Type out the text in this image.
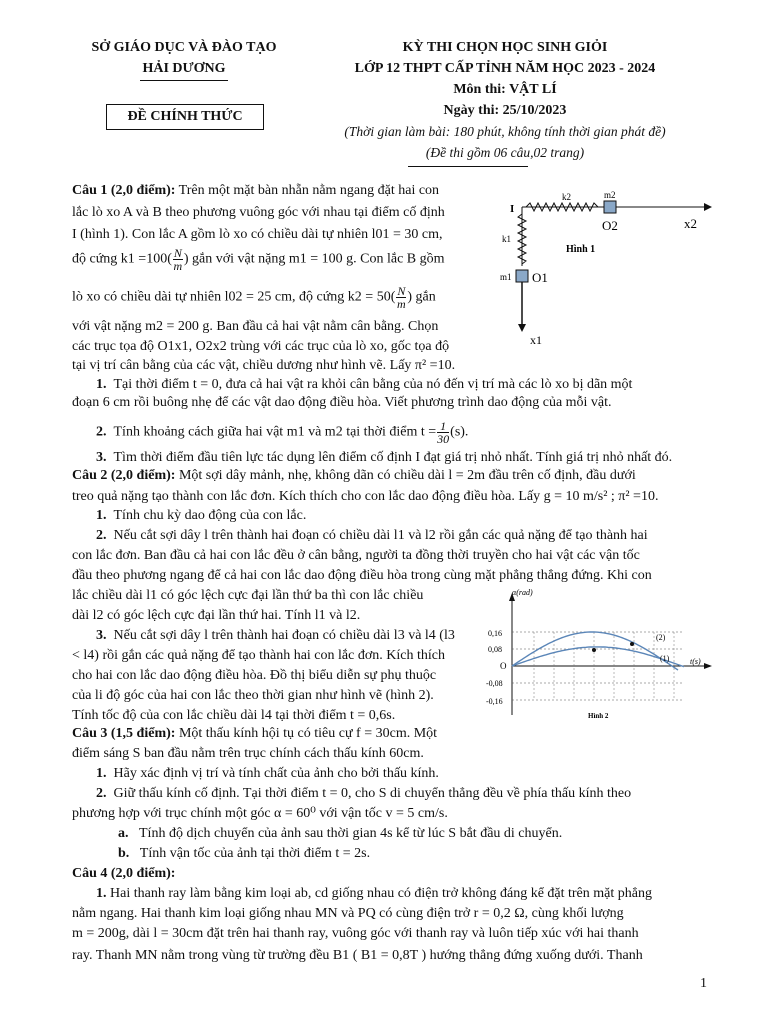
SỞ GIÁO DỤC VÀ ĐÀO TẠO
HẢI DƯƠNG
ĐỀ CHÍNH THỨC
KỲ THI CHỌN HỌC SINH GIỎI
LỚP 12 THPT CẤP TỈNH NĂM HỌC 2023 - 2024
Môn thi: VẬT LÍ
Ngày thi: 25/10/2023
(Thời gian làm bài: 180 phút, không tính thời gian phát đề)
(Đề thi gồm 06 câu,02 trang)
Câu 1 (2,0 điểm): Trên một mặt bàn nhẵn nằm ngang đặt hai con
lắc lò xo A và B theo phương vuông góc với nhau tại điểm cố định
I (hình 1). Con lắc A gồm lò xo có chiều dài tự nhiên l01 = 30 cm,
độ cứng $k1 =100( \frac{N}{m}$ ) gắn với vật nặng m1 = 100 g. Con lắc B gồm
lò xo có chiều dài tự nhiên l02 = 25 cm, độ cứng $k2 = 50( \frac{N}{m}$ ) gắn
với vật nặng m2 = 200 g. Ban đầu cả hai vật nằm cân bằng. Chọn
các trục tọa độ O1x1, O2x2 trùng với các trục của lò xo, gốc tọa độ
tại vị trí cân bằng của các vật, chiều dương như hình vẽ. Lấy π² =10.
1. Tại thời điểm t = 0, đưa cả hai vật ra khỏi cân bằng của nó đến vị trí mà các lò xo bị dãn một
đoạn 6 cm rồi buông nhẹ để các vật dao động điều hòa. Viết phương trình dao động của mỗi vật.
2. Tính khoảng cách giữa hai vật m1 và m2 tại thời điểm $t = \frac{1}{30} (s)$.
3. Tìm thời điểm đầu tiên lực tác dụng lên điểm cố định I đạt giá trị nhỏ nhất. Tính giá trị nhỏ nhất đó.
I
k2	m2
O2	x2
k1
m1 O1
x1
Hình 1
Câu 2 (2,0 điểm): Một sợi dây mảnh, nhẹ, không dãn có chiều dài l = 2m đầu trên cố định, đầu dưới
treo quả nặng tạo thành con lắc đơn. Kích thích cho con lắc dao động điều hòa. Lấy g = 10 m/s² ; π² =10.
1. Tính chu kỳ dao động của con lắc.
2. Nếu cắt sợi dây l trên thành hai đoạn có chiều dài l1 và l2 rồi gắn các quả nặng để tạo thành hai
con lắc đơn. Ban đầu cả hai con lắc đều ở cân bằng, người ta đồng thời truyền cho hai vật các vận tốc
đầu theo phương ngang để cả hai con lắc dao động điều hòa trong cùng mặt phẳng thẳng đứng. Khi con
lắc chiều dài l1 có góc lệch cực đại lần thứ ba thì con lắc chiều
dài l2 có góc lệch cực đại lần thứ hai. Tính l1 và l2.
3. Nếu cắt sợi dây l trên thành hai đoạn có chiều dài l3 và l4 (l3
< l4) rồi gắn các quả nặng để tạo thành hai con lắc đơn. Kích thích
cho hai con lắc dao động điều hòa. Đồ thị biểu diễn sự phụ thuộc
của li độ góc của hai con lắc theo thời gian như hình vẽ (hình 2).
Tính tốc độ của con lắc chiều dài l4 tại thời điểm t = 0,6s.
α(rad)
t(s)
O
0,16
0,08
-0,08
-0,16
(2)
(1)
Hình 2
Câu 3 (1,5 điểm): Một thấu kính hội tụ có tiêu cự f = 30cm. Một
điểm sáng S ban đầu nằm trên trục chính cách thấu kính 60cm.
1. Hãy xác định vị trí và tính chất của ảnh cho bởi thấu kính.
2. Giữ thấu kính cố định. Tại thời điểm t = 0, cho S di chuyển thẳng đều về phía thấu kính theo
phương hợp với trục chính một góc α = 60⁰ với vận tốc v = 5 cm/s.
a. Tính độ dịch chuyển của ảnh sau thời gian 4s kể từ lúc S bắt đầu di chuyển.
b. Tính vận tốc của ảnh tại thời điểm t = 2s.
Câu 4 (2,0 điểm):
1. Hai thanh ray làm bằng kim loại ab, cd giống nhau có điện trở không đáng kể đặt trên mặt phẳng
nằm ngang. Hai thanh kim loại giống nhau MN và PQ có cùng điện trở r = 0,2 Ω, cùng khối lượng
m = 200g, dài l = 30cm đặt trên hai thanh ray, vuông góc với thanh ray và luôn tiếp xúc với hai thanh
ray. Thanh MN nằm trong vùng từ trường đều B1 ( B1 = 0,8T ) hướng thẳng đứng xuống dưới. Thanh
1
